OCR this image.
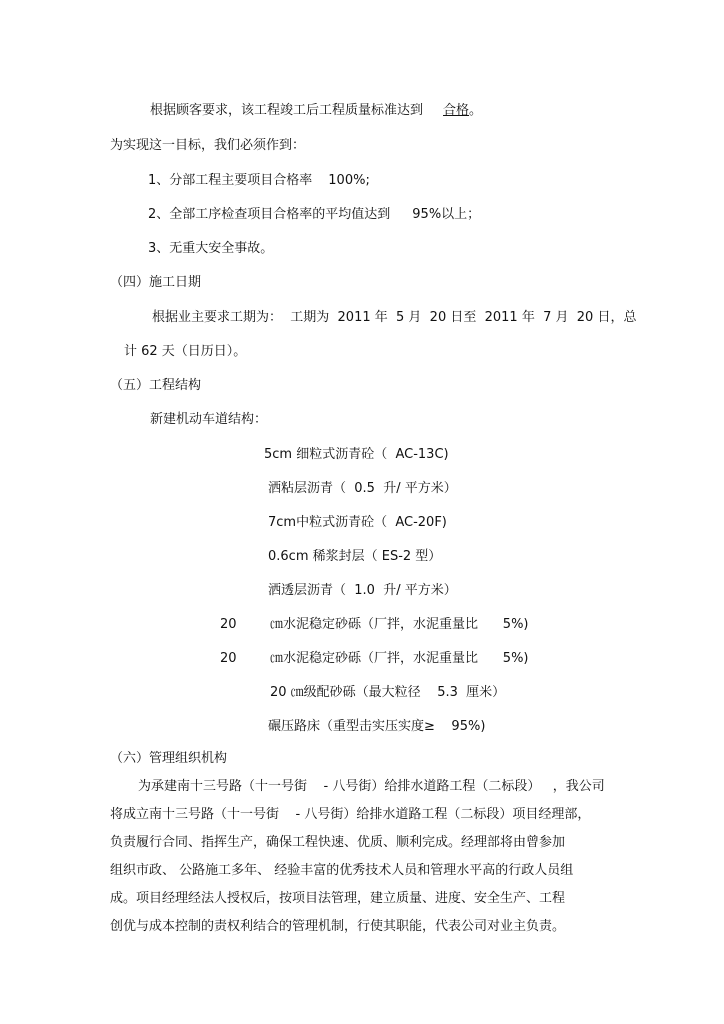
根据顾客要求，该工程竣工后工程质量标准达到 合格。
为实现这一目标，我们必须作到：
1、分部工程主要项目合格率 100%;
2、全部工序检查项目合格率的平均值达到 95%以上；
3、无重大安全事故。
（四）施工日期
根据业主要求工期为：  工期为  2011 年  5 月  20 日至  2011 年  7 月  20 日，总
计 62 天（日历日）。
（五）工程结构
新建机动车道结构：
5cm 细粒式沥青砼（  AC-13C)
洒粘层沥青（  0.5  升/ 平方米）
7cm中粒式沥青砼（  AC-20F)
0.6cm 稀浆封层（ ES-2 型）
洒透层沥青（  1.0  升/ 平方米）
20	㎝水泥稳定砂砾（厂拌，水泥重量比      5%)
20	㎝水泥稳定砂砾（厂拌，水泥重量比      5%)
20 ㎝级配砂砾（最大粒径    5.3  厘米）
碾压路床（重型击实压实度≥    95%)
（六）管理组织机构
为承建南十三号路（十一号街    - 八号街）给排水道路工程（二标段）   ，我公司
将成立南十三号路（十一号街    - 八号街）给排水道路工程（二标段）项目经理部，
负责履行合同、指挥生产，确保工程快速、优质、顺利完成。经理部将由曾参加
组织市政、 公路施工多年、 经验丰富的优秀技术人员和管理水平高的行政人员组
成。项目经理经法人授权后，按项目法管理，建立质量、进度、安全生产、工程
创优与成本控制的责权利结合的管理机制，行使其职能，代表公司对业主负责。
